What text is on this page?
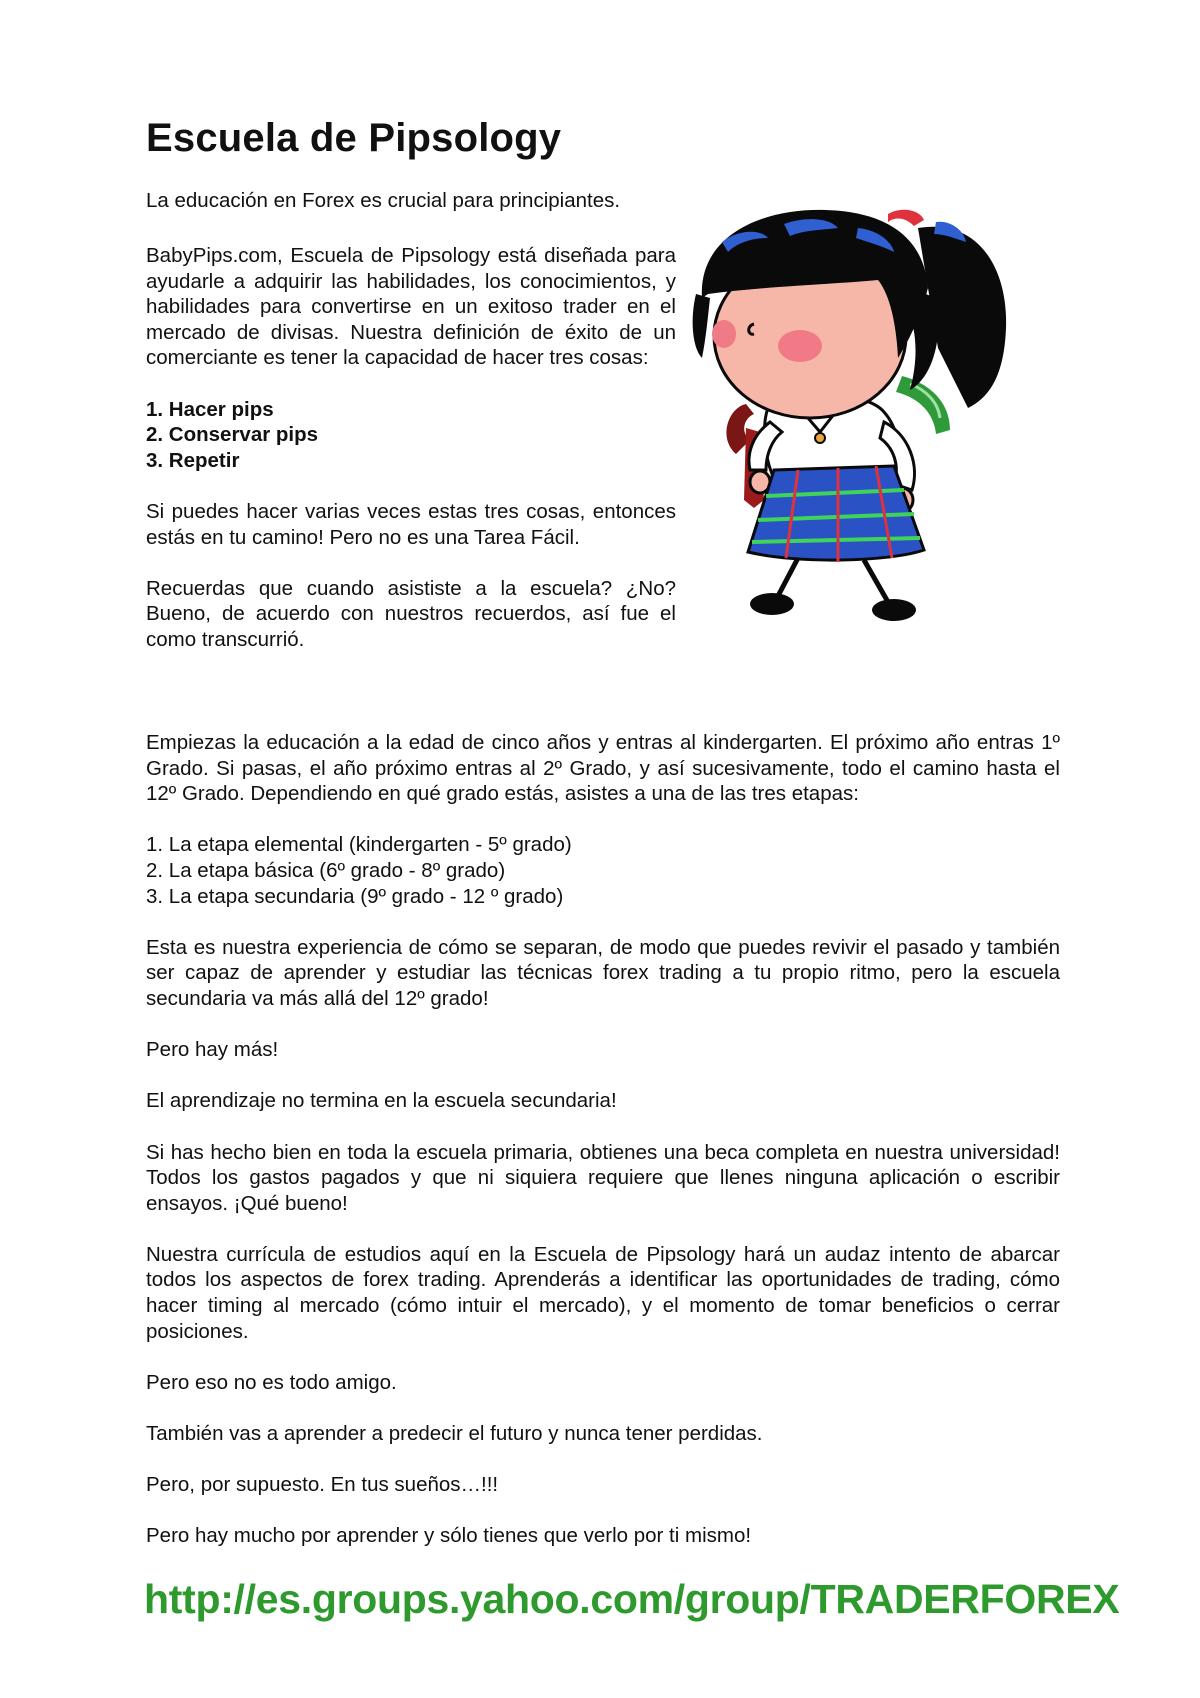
Escuela de Pipsology

La educación en Forex es crucial para principiantes.

BabyPips.com, Escuela de Pipsology está diseñada para ayudarle a adquirir las habilidades, los conocimientos, y habilidades para convertirse en un exitoso trader en el mercado de divisas. Nuestra definición de éxito de un comerciante es tener la capacidad de hacer tres cosas:

1. Hacer pips
2. Conservar pips
3. Repetir

Si puedes hacer varias veces estas tres cosas, entonces estás en tu camino! Pero no es una Tarea Fácil.

Recuerdas que cuando asististe a la escuela? ¿No? Bueno, de acuerdo con nuestros recuerdos, así fue el como transcurrió.

Empiezas la educación a la edad de cinco años y entras al kindergarten. El próximo año entras 1º Grado. Si pasas, el año próximo entras al 2º Grado, y así sucesivamente, todo el camino hasta el 12º Grado. Dependiendo en qué grado estás, asistes a una de las tres etapas:

1. La etapa elemental (kindergarten - 5º grado)
2. La etapa básica (6º grado - 8º grado)
3. La etapa secundaria (9º grado - 12 º grado)

Esta es nuestra experiencia de cómo se separan, de modo que puedes revivir el pasado y también ser capaz de aprender y estudiar las técnicas forex trading a tu propio ritmo, pero la escuela secundaria va más allá del 12º grado!

Pero hay más!

El aprendizaje no termina en la escuela secundaria!

Si has hecho bien en toda la escuela primaria, obtienes una beca completa en nuestra universidad! Todos los gastos pagados y que ni siquiera requiere que llenes ninguna aplicación o escribir ensayos. ¡Qué bueno!

Nuestra currícula de estudios aquí en la Escuela de Pipsology hará un audaz intento de abarcar todos los aspectos de forex trading. Aprenderás a identificar las oportunidades de trading, cómo hacer timing al mercado (cómo intuir el mercado), y el momento de tomar beneficios o cerrar posiciones.

Pero eso no es todo amigo.

También vas a aprender a predecir el futuro y nunca tener perdidas.

Pero, por supuesto. En tus sueños…!!!

Pero hay mucho por aprender y sólo tienes que verlo por ti mismo!

http://es.groups.yahoo.com/group/TRADERFOREX
